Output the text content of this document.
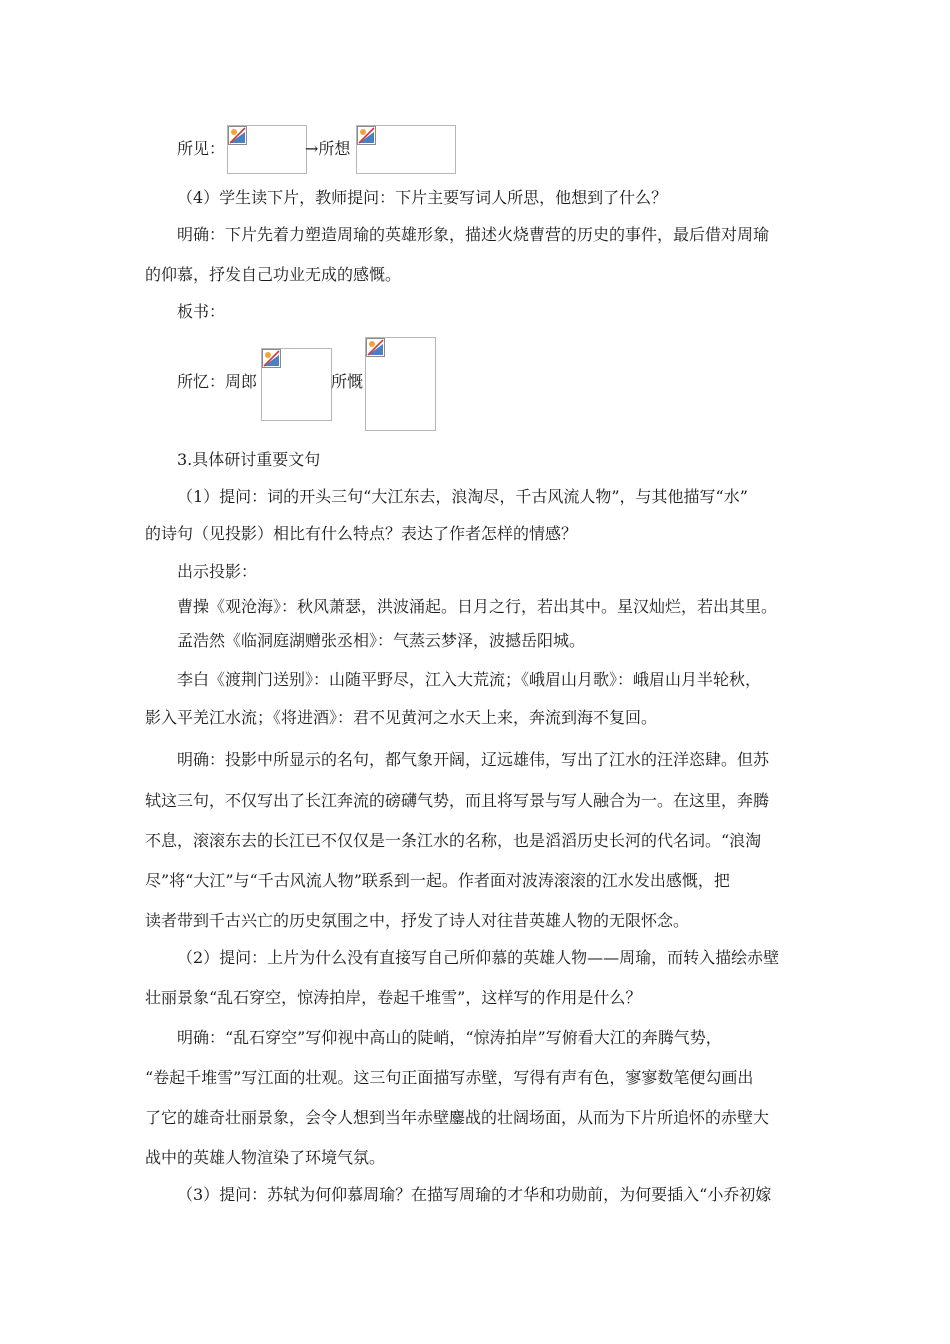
所见：	→所想
（4）学生读下片，教师提问：下片主要写词人所思，他想到了什么？
明确：下片先着力塑造周瑜的英雄形象，描述火烧曹营的历史的事件，最后借对周瑜
的仰慕，抒发自己功业无成的感慨。
板书：
所忆：周郎	所慨
3.具体研讨重要文句
（1）提问：词的开头三句“大江东去，浪淘尽，千古风流人物”，与其他描写“水”
的诗句（见投影）相比有什么特点？表达了作者怎样的情感？
出示投影：
曹操《观沧海》：秋风萧瑟，洪波涌起。日月之行，若出其中。星汉灿烂，若出其里。
孟浩然《临洞庭湖赠张丞相》：气蒸云梦泽，波撼岳阳城。
李白《渡荆门送别》：山随平野尽，江入大荒流；《峨眉山月歌》：峨眉山月半轮秋，
影入平羌江水流；《将进酒》：君不见黄河之水天上来，奔流到海不复回。
明确：投影中所显示的名句，都气象开阔，辽远雄伟，写出了江水的汪洋恣肆。但苏
轼这三句，不仅写出了长江奔流的磅礴气势，而且将写景与写人融合为一。在这里，奔腾
不息，滚滚东去的长江已不仅仅是一条江水的名称，也是滔滔历史长河的代名词。“浪淘
尽”将“大江”与“千古风流人物”联系到一起。作者面对波涛滚滚的江水发出感慨，把
读者带到千古兴亡的历史氛围之中，抒发了诗人对往昔英雄人物的无限怀念。
（2）提问：上片为什么没有直接写自己所仰慕的英雄人物——周瑜，而转入描绘赤壁
壮丽景象“乱石穿空，惊涛拍岸，卷起千堆雪”，这样写的作用是什么？
明确：“乱石穿空”写仰视中高山的陡峭，“惊涛拍岸”写俯看大江的奔腾气势，
“卷起千堆雪”写江面的壮观。这三句正面描写赤壁，写得有声有色，寥寥数笔便勾画出
了它的雄奇壮丽景象，会令人想到当年赤壁鏖战的壮阔场面，从而为下片所追怀的赤壁大
战中的英雄人物渲染了环境气氛。
（3）提问：苏轼为何仰慕周瑜？在描写周瑜的才华和功勋前，为何要插入“小乔初嫁
